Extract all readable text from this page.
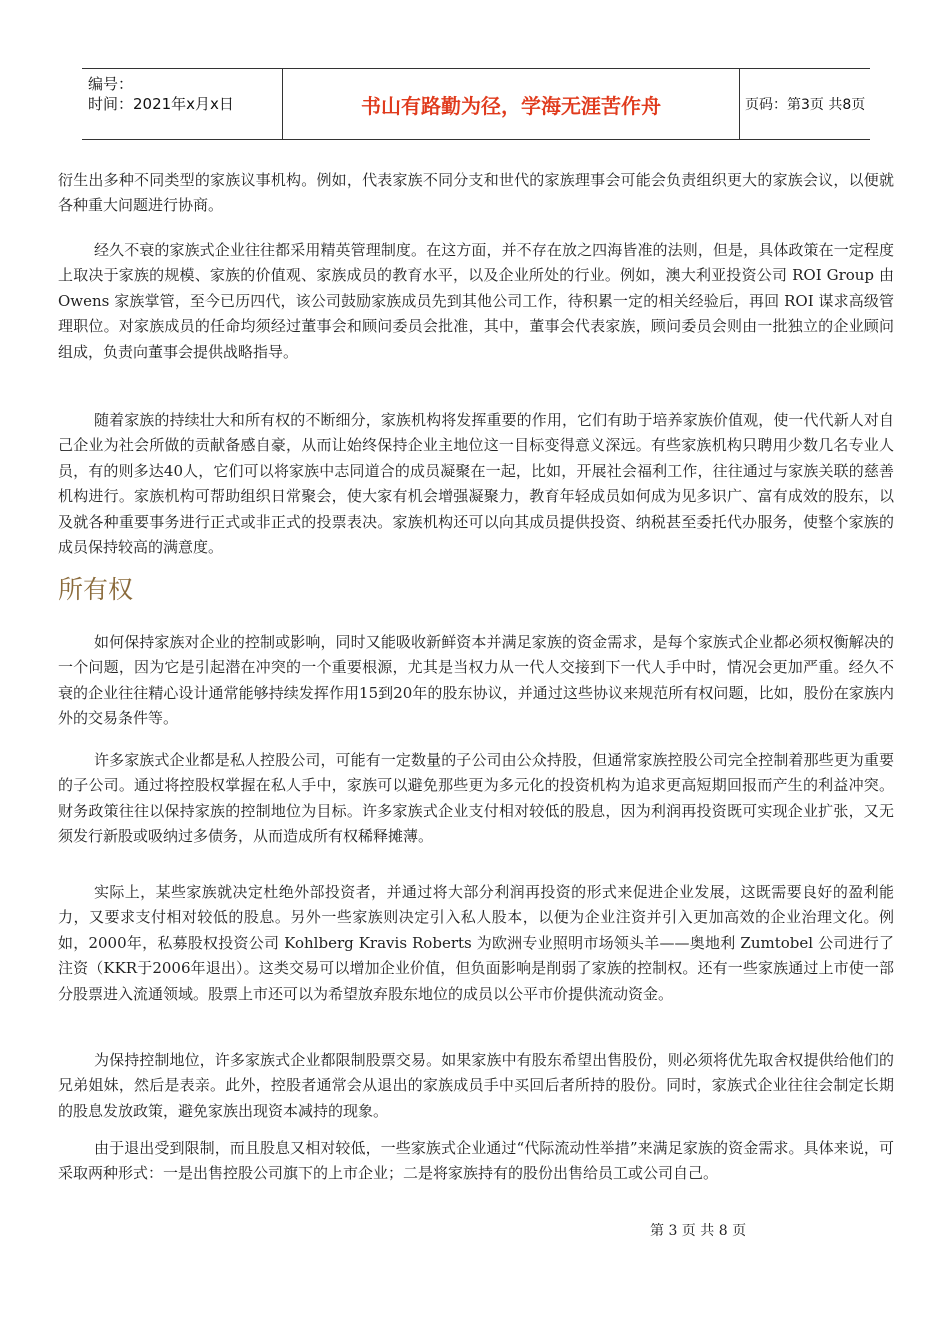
编号：
时间：2021年x月x日	书山有路勤为径，学海无涯苦作舟	页码：第3页 共8页

衍生出多种不同类型的家族议事机构。例如，代表家族不同分支和世代的家族理事会可能会负责组织更大的家族会议，以便就各种重大问题进行协商。

经久不衰的家族式企业往往都采用精英管理制度。在这方面，并不存在放之四海皆准的法则，但是，具体政策在一定程度上取决于家族的规模、家族的价值观、家族成员的教育水平，以及企业所处的行业。例如，澳大利亚投资公司 ROI Group 由 Owens 家族掌管，至今已历四代，该公司鼓励家族成员先到其他公司工作，待积累一定的相关经验后，再回 ROI 谋求高级管理职位。对家族成员的任命均须经过董事会和顾问委员会批准，其中，董事会代表家族，顾问委员会则由一批独立的企业顾问组成，负责向董事会提供战略指导。

随着家族的持续壮大和所有权的不断细分，家族机构将发挥重要的作用，它们有助于培养家族价值观，使一代代新人对自己企业为社会所做的贡献备感自豪，从而让始终保持企业主地位这一目标变得意义深远。有些家族机构只聘用少数几名专业人员，有的则多达40人，它们可以将家族中志同道合的成员凝聚在一起，比如，开展社会福利工作，往往通过与家族关联的慈善机构进行。家族机构可帮助组织日常聚会，使大家有机会增强凝聚力，教育年轻成员如何成为见多识广、富有成效的股东，以及就各种重要事务进行正式或非正式的投票表决。家族机构还可以向其成员提供投资、纳税甚至委托代办服务，使整个家族的成员保持较高的满意度。

所有权

如何保持家族对企业的控制或影响，同时又能吸收新鲜资本并满足家族的资金需求，是每个家族式企业都必须权衡解决的一个问题，因为它是引起潜在冲突的一个重要根源，尤其是当权力从一代人交接到下一代人手中时，情况会更加严重。经久不衰的企业往往精心设计通常能够持续发挥作用15到20年的股东协议，并通过这些协议来规范所有权问题，比如，股份在家族内外的交易条件等。

许多家族式企业都是私人控股公司，可能有一定数量的子公司由公众持股，但通常家族控股公司完全控制着那些更为重要的子公司。通过将控股权掌握在私人手中，家族可以避免那些更为多元化的投资机构为追求更高短期回报而产生的利益冲突。财务政策往往以保持家族的控制地位为目标。许多家族式企业支付相对较低的股息，因为利润再投资既可实现企业扩张，又无须发行新股或吸纳过多债务，从而造成所有权稀释摊薄。

实际上，某些家族就决定杜绝外部投资者，并通过将大部分利润再投资的形式来促进企业发展，这既需要良好的盈利能力，又要求支付相对较低的股息。另外一些家族则决定引入私人股本，以便为企业注资并引入更加高效的企业治理文化。例如，2000年，私募股权投资公司 Kohlberg Kravis Roberts 为欧洲专业照明市场领头羊——奥地利 Zumtobel 公司进行了注资（KKR于2006年退出）。这类交易可以增加企业价值，但负面影响是削弱了家族的控制权。还有一些家族通过上市使一部分股票进入流通领域。股票上市还可以为希望放弃股东地位的成员以公平市价提供流动资金。

为保持控制地位，许多家族式企业都限制股票交易。如果家族中有股东希望出售股份，则必须将优先取舍权提供给他们的兄弟姐妹，然后是表亲。此外，控股者通常会从退出的家族成员手中买回后者所持的股份。同时，家族式企业往往会制定长期的股息发放政策，避免家族出现资本减持的现象。

由于退出受到限制，而且股息又相对较低，一些家族式企业通过“代际流动性举措”来满足家族的资金需求。具体来说，可采取两种形式：一是出售控股公司旗下的上市企业；二是将家族持有的股份出售给员工或公司自己。

第 3 页 共 8 页
